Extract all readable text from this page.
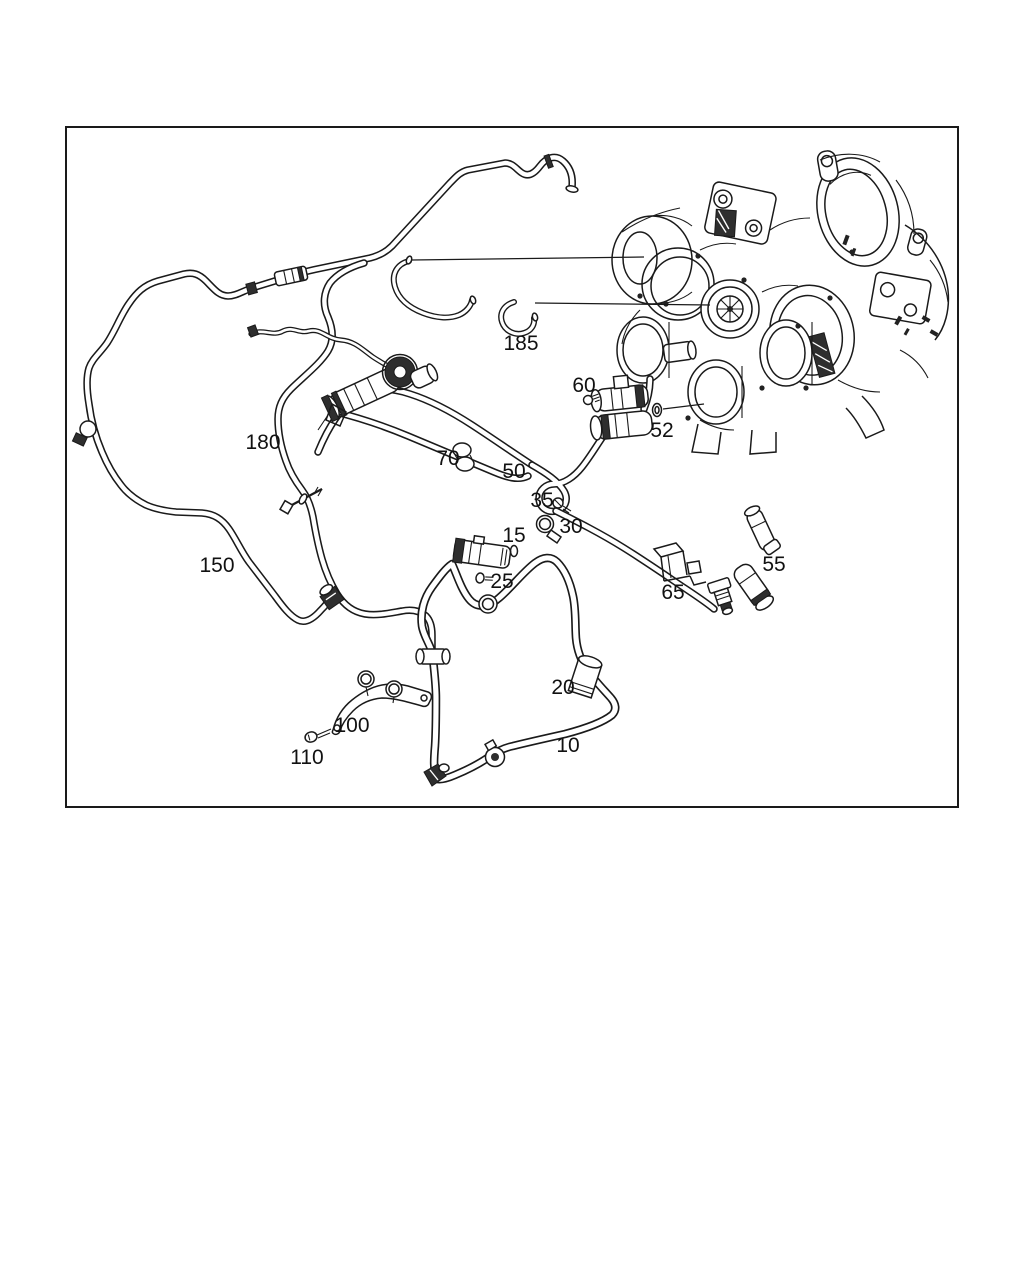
10
15
20
25
30
35
50
52
55
60
65
70
100
110
150
180
185
